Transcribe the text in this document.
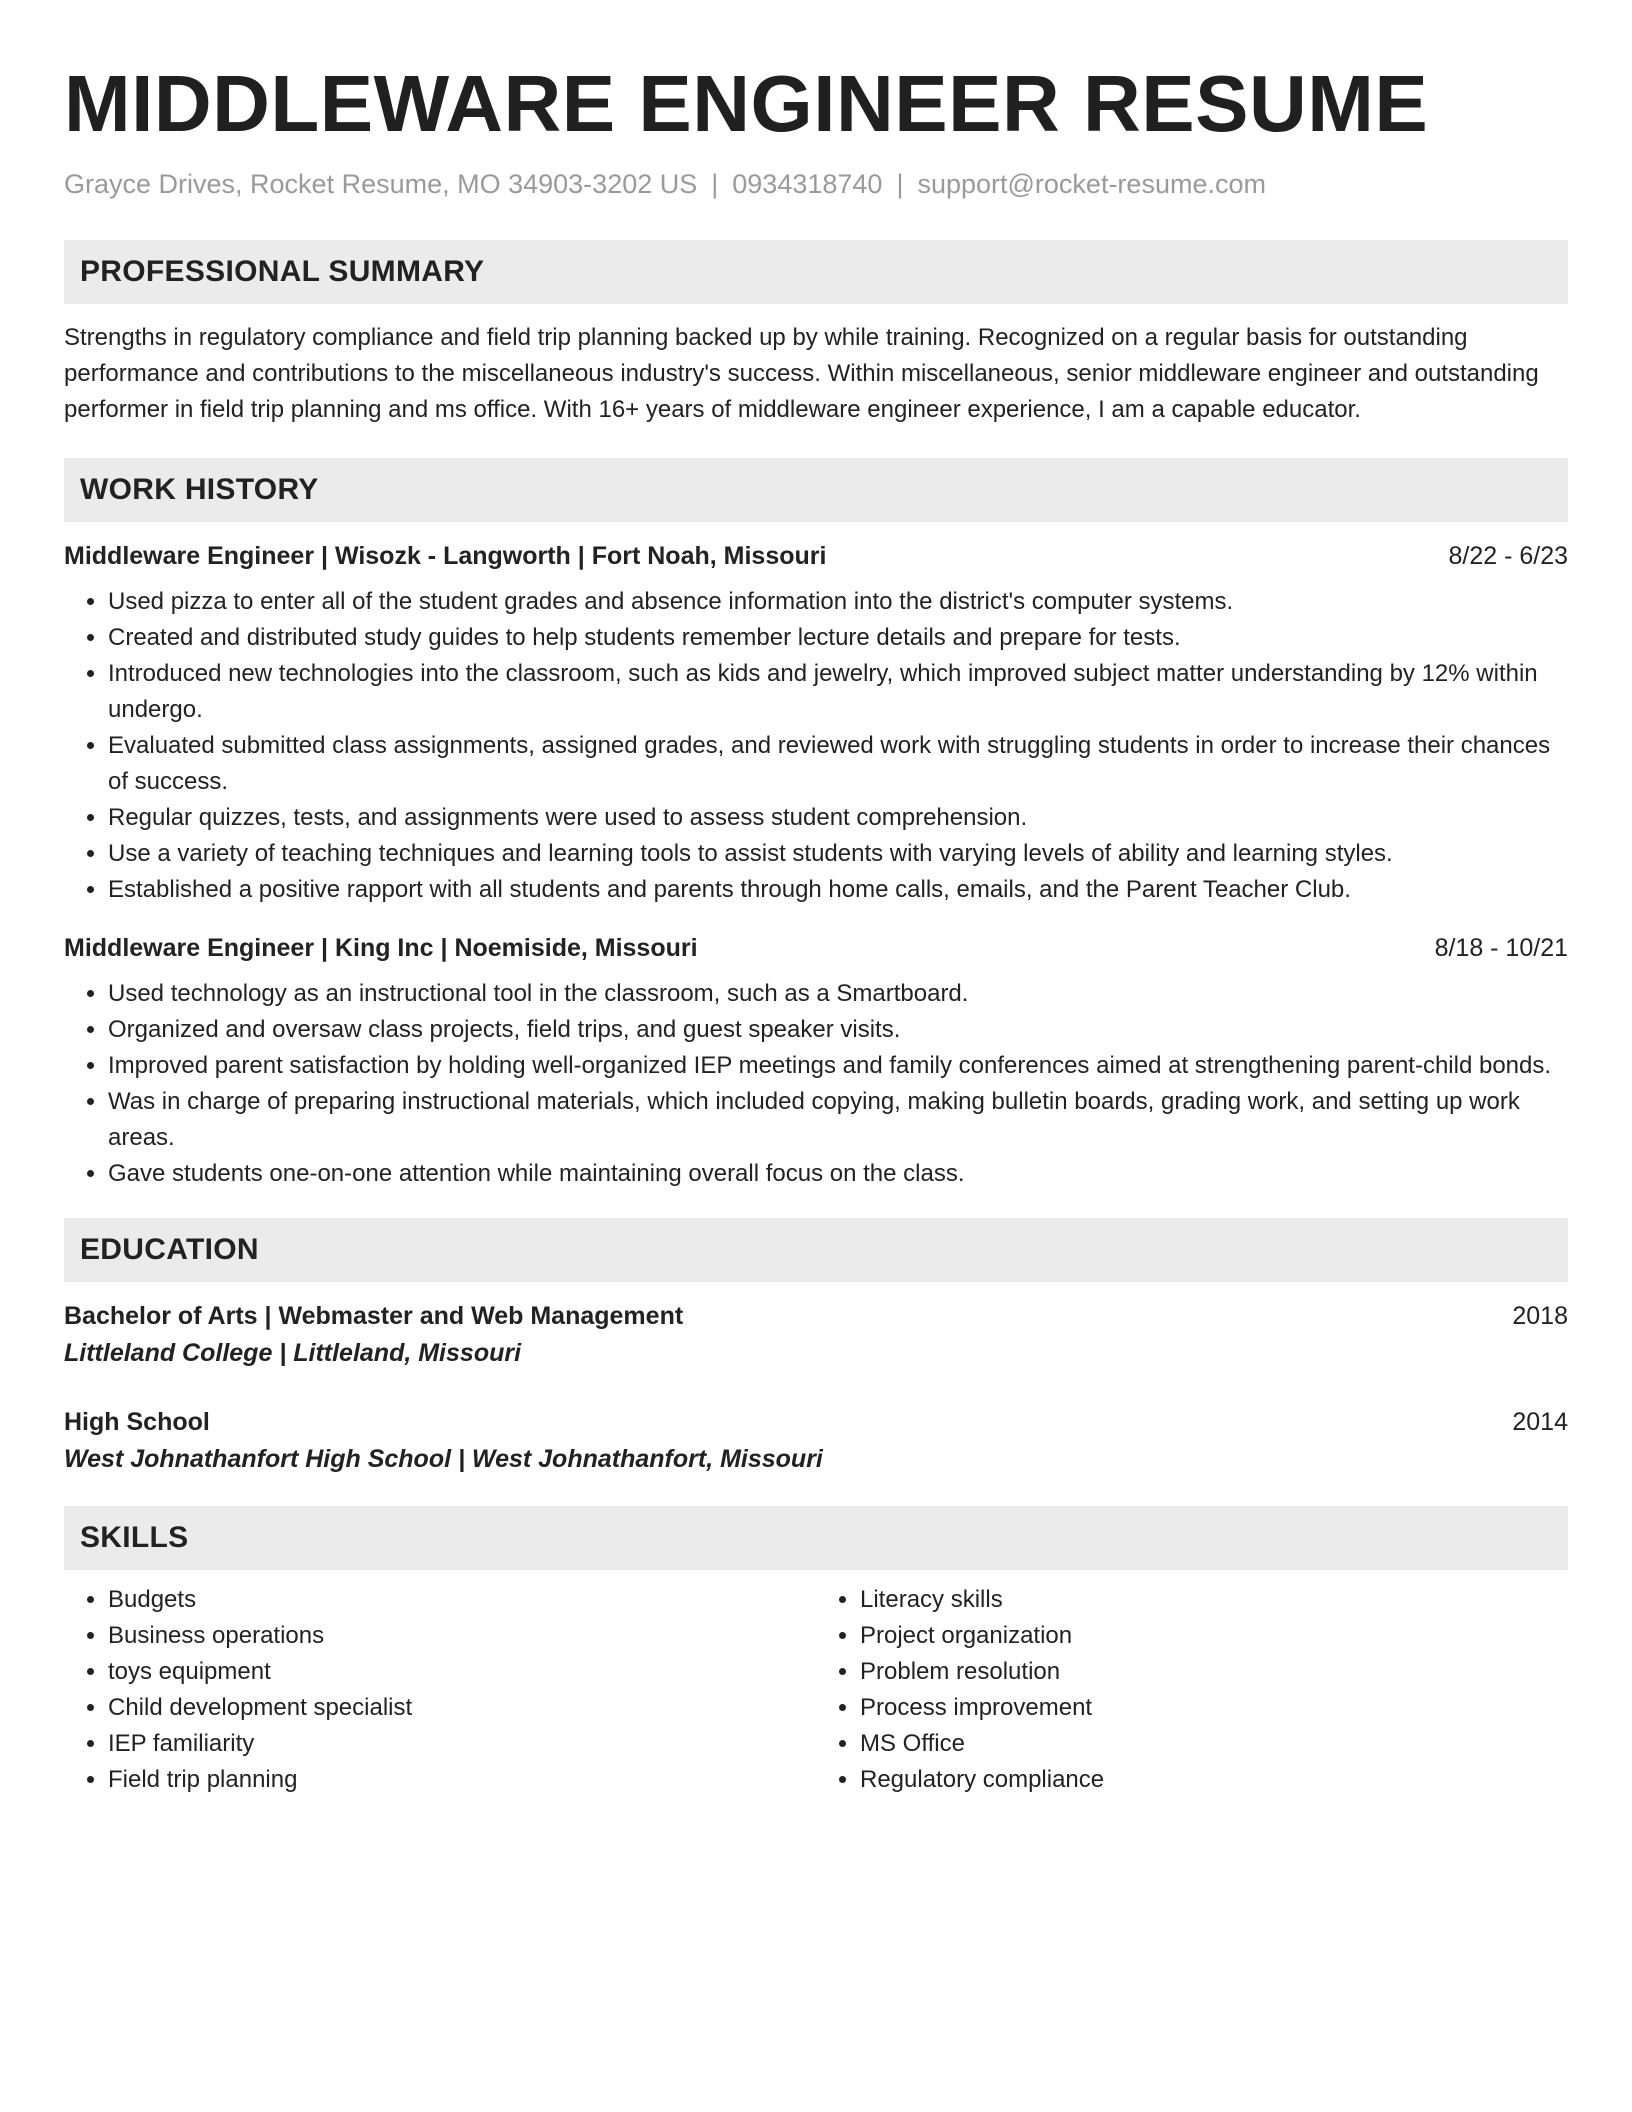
MIDDLEWARE ENGINEER RESUME
Grayce Drives, Rocket Resume, MO 34903-3202 US | 0934318740 | support@rocket-resume.com
PROFESSIONAL SUMMARY

Strengths in regulatory compliance and field trip planning backed up by while training. Recognized on a regular basis for outstanding performance and contributions to the miscellaneous industry's success. Within miscellaneous, senior middleware engineer and outstanding performer in field trip planning and ms office. With 16+ years of middleware engineer experience, I am a capable educator.

WORK HISTORY
Middleware Engineer | Wisozk - Langworth | Fort Noah, Missouri	8/22 - 6/23
• Used pizza to enter all of the student grades and absence information into the district's computer systems.
• Created and distributed study guides to help students remember lecture details and prepare for tests.
• Introduced new technologies into the classroom, such as kids and jewelry, which improved subject matter understanding by 12% within undergo.
• Evaluated submitted class assignments, assigned grades, and reviewed work with struggling students in order to increase their chances of success.
• Regular quizzes, tests, and assignments were used to assess student comprehension.
• Use a variety of teaching techniques and learning tools to assist students with varying levels of ability and learning styles.
• Established a positive rapport with all students and parents through home calls, emails, and the Parent Teacher Club.
Middleware Engineer | King Inc | Noemiside, Missouri	8/18 - 10/21
• Used technology as an instructional tool in the classroom, such as a Smartboard.
• Organized and oversaw class projects, field trips, and guest speaker visits.
• Improved parent satisfaction by holding well-organized IEP meetings and family conferences aimed at strengthening parent-child bonds.
• Was in charge of preparing instructional materials, which included copying, making bulletin boards, grading work, and setting up work areas.
• Gave students one-on-one attention while maintaining overall focus on the class.
EDUCATION
Bachelor of Arts | Webmaster and Web Management	2018
Littleland College | Littleland, Missouri
High School	2014
West Johnathanfort High School | West Johnathanfort, Missouri
SKILLS
• Budgets
• Business operations
• toys equipment
• Child development specialist
• IEP familiarity
• Field trip planning
• Literacy skills
• Project organization
• Problem resolution
• Process improvement
• MS Office
• Regulatory compliance
